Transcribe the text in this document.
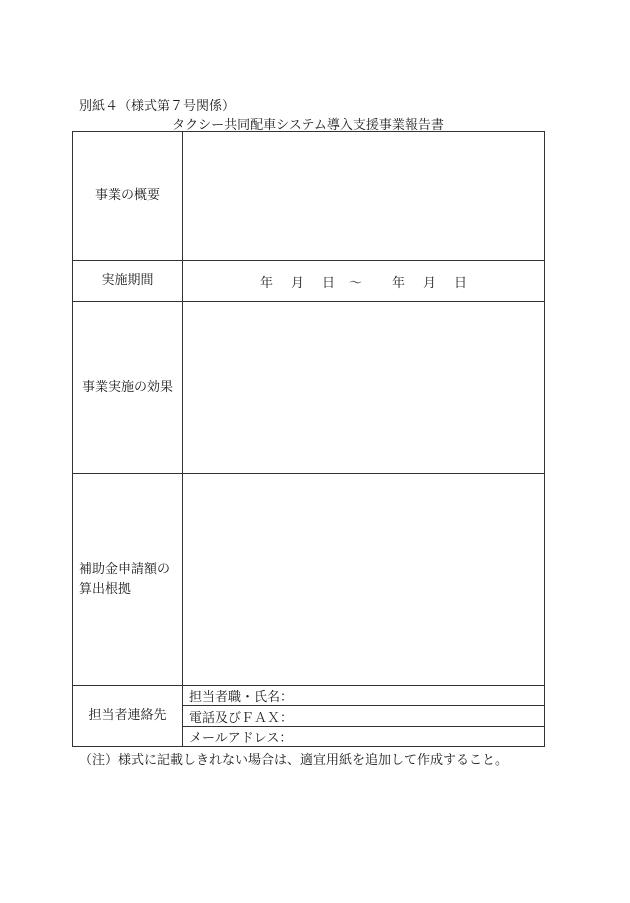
別紙４（様式第７号関係）
タクシー共同配車システム導入支援事業報告書
事業の概要	
実施期間	年 月 日 ～ 年 月 日
事業実施の効果	

補助金申請額の
算出根拠	

担当者連絡先	担当者職・氏名：
	電話及びＦＡＸ：
	メールアドレス：
（注）様式に記載しきれない場合は、適宜用紙を追加して作成すること。
